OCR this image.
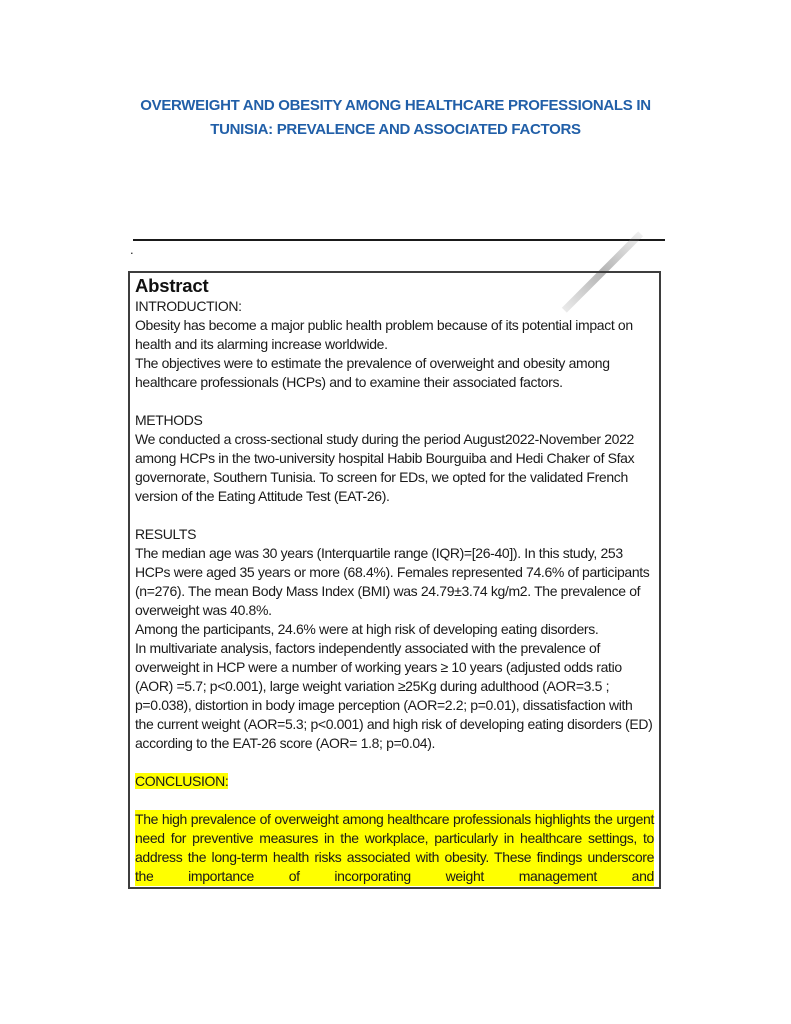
OVERWEIGHT AND OBESITY AMONG HEALTHCARE PROFESSIONALS IN
TUNISIA: PREVALENCE AND ASSOCIATED FACTORS
.
Abstract

INTRODUCTION:

Obesity has become a major public health problem because of its potential impact on health and its alarming increase worldwide.

The objectives were to estimate the prevalence of overweight and obesity among healthcare professionals (HCPs) and to examine their associated factors.

METHODS

We conducted a cross-sectional study during the period August2022-November 2022 among HCPs in the two-university hospital Habib Bourguiba and Hedi Chaker of Sfax governorate, Southern Tunisia. To screen for EDs, we opted for the validated French version of the Eating Attitude Test (EAT-26).

RESULTS

The median age was 30 years (Interquartile range (IQR)=[26-40]). In this study, 253 HCPs were aged 35 years or more (68.4%). Females represented 74.6% of participants (n=276). The mean Body Mass Index (BMI) was 24.79±3.74 kg/m2. The prevalence of overweight was 40.8%.

Among the participants, 24.6% were at high risk of developing eating disorders.

In multivariate analysis, factors independently associated with the prevalence of overweight in HCP were a number of working years ≥ 10 years (adjusted odds ratio (AOR) =5.7; p<0.001), large weight variation ≥25Kg during adulthood (AOR=3.5 ; p=0.038), distortion in body image perception (AOR=2.2; p=0.01), dissatisfaction with the current weight (AOR=5.3; p<0.001) and high risk of developing eating disorders (ED) according to the EAT-26 score (AOR= 1.8; p=0.04).

CONCLUSION:

The high prevalence of overweight among healthcare professionals highlights the urgent need for preventive measures in the workplace, particularly in healthcare settings, to address the long-term health risks associated with obesity. These findings underscore the importance of incorporating weight management and
